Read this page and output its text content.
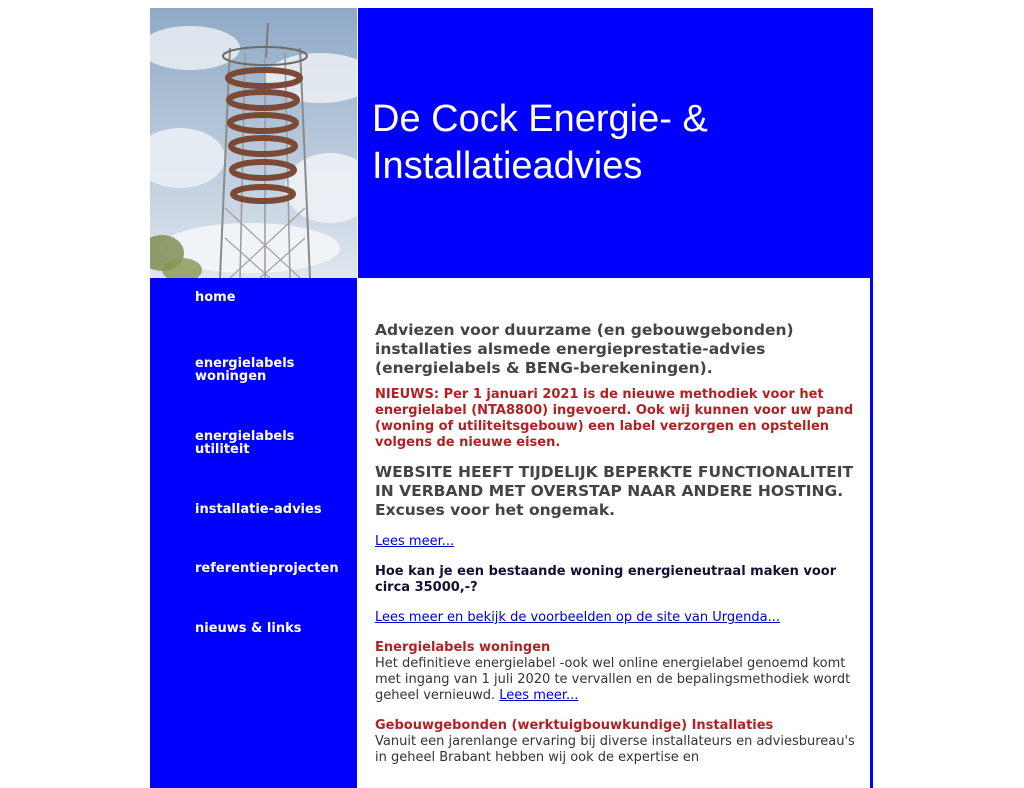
De Cock Energie- & Installatieadvies
home
energielabels woningen
energielabels utiliteit
installatie-advies
referentieprojecten
nieuws & links

Adviezen voor duurzame (en gebouwgebonden) installaties alsmede energieprestatie-advies (energielabels & BENG-berekeningen).

NIEUWS: Per 1 januari 2021 is de nieuwe methodiek voor het energielabel (NTA8800) ingevoerd. Ook wij kunnen voor uw pand (woning of utiliteitsgebouw) een label verzorgen en opstellen volgens de nieuwe eisen.

WEBSITE HEEFT TIJDELIJK BEPERKTE FUNCTIONALITEIT IN VERBAND MET OVERSTAP NAAR ANDERE HOSTING. Excuses voor het ongemak.

Lees meer...

Hoe kan je een bestaande woning energieneutraal maken voor circa 35000,-?

Lees meer en bekijk de voorbeelden op de site van Urgenda...

Energielabels woningen
Het definitieve energielabel -ook wel online energielabel genoemd komt met ingang van 1 juli 2020 te vervallen en de bepalingsmethodiek wordt geheel vernieuwd. Lees meer...

Gebouwgebonden (werktuigbouwkundige) Installaties
Vanuit een jarenlange ervaring bij diverse installateurs en adviesbureau's in geheel Brabant hebben wij ook de expertise en
